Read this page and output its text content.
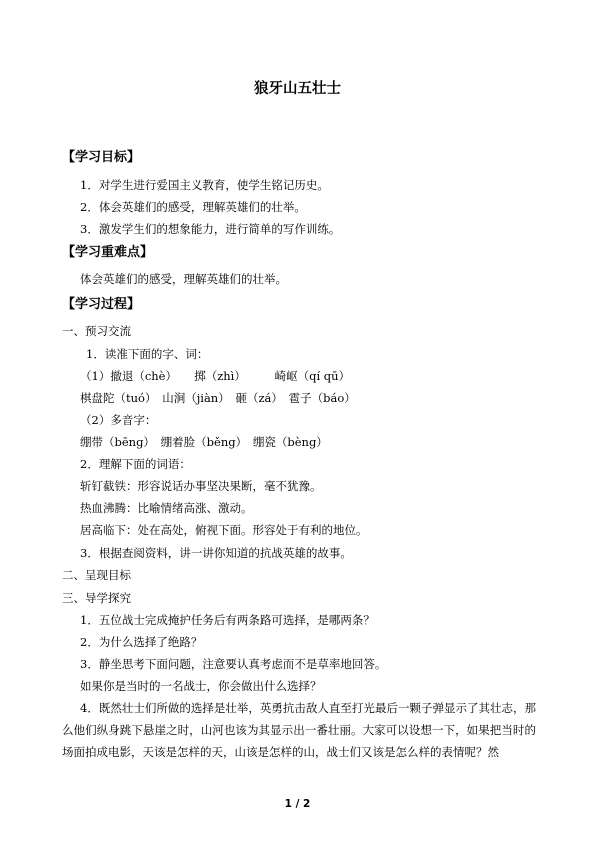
狼牙山五壮士
【学习目标】
1．对学生进行爱国主义教育，使学生铭记历史。
2．体会英雄们的感受，理解英雄们的壮举。
3．激发学生们的想象能力，进行简单的写作训练。
【学习重难点】
体会英雄们的感受，理解英雄们的壮举。
【学习过程】
一、预习交流
1．读准下面的字、词：
（1）撤退（chè）　　掷（zhì）　　　崎岖（qí qū）
棋盘陀（tuó）　山涧（jiàn）　砸（zá）　雹子（báo）
（2）多音字：
绷带（bēng）　绷着脸（běng）　绷瓷（bèng）
2．理解下面的词语：
斩钉截铁：形容说话办事坚决果断，毫不犹豫。
热血沸腾：比喻情绪高涨、激动。
居高临下：处在高处，俯视下面。形容处于有利的地位。
3．根据查阅资料，讲一讲你知道的抗战英雄的故事。
二、呈现目标
三、导学探究
1．五位战士完成掩护任务后有两条路可选择，是哪两条？
2．为什么选择了绝路？
3．静坐思考下面问题，注意要认真考虑而不是草率地回答。
如果你是当时的一名战士，你会做出什么选择？
4．既然壮士们所做的选择是壮举，英勇抗击敌人直至打光最后一颗子弹显示了其壮志，那么他们纵身跳下悬崖之时，山河也该为其显示出一番壮丽。大家可以设想一下，如果把当时的场面拍成电影，天该是怎样的天，山该是怎样的山，战士们又该是怎么样的表情呢？然
1 / 2
